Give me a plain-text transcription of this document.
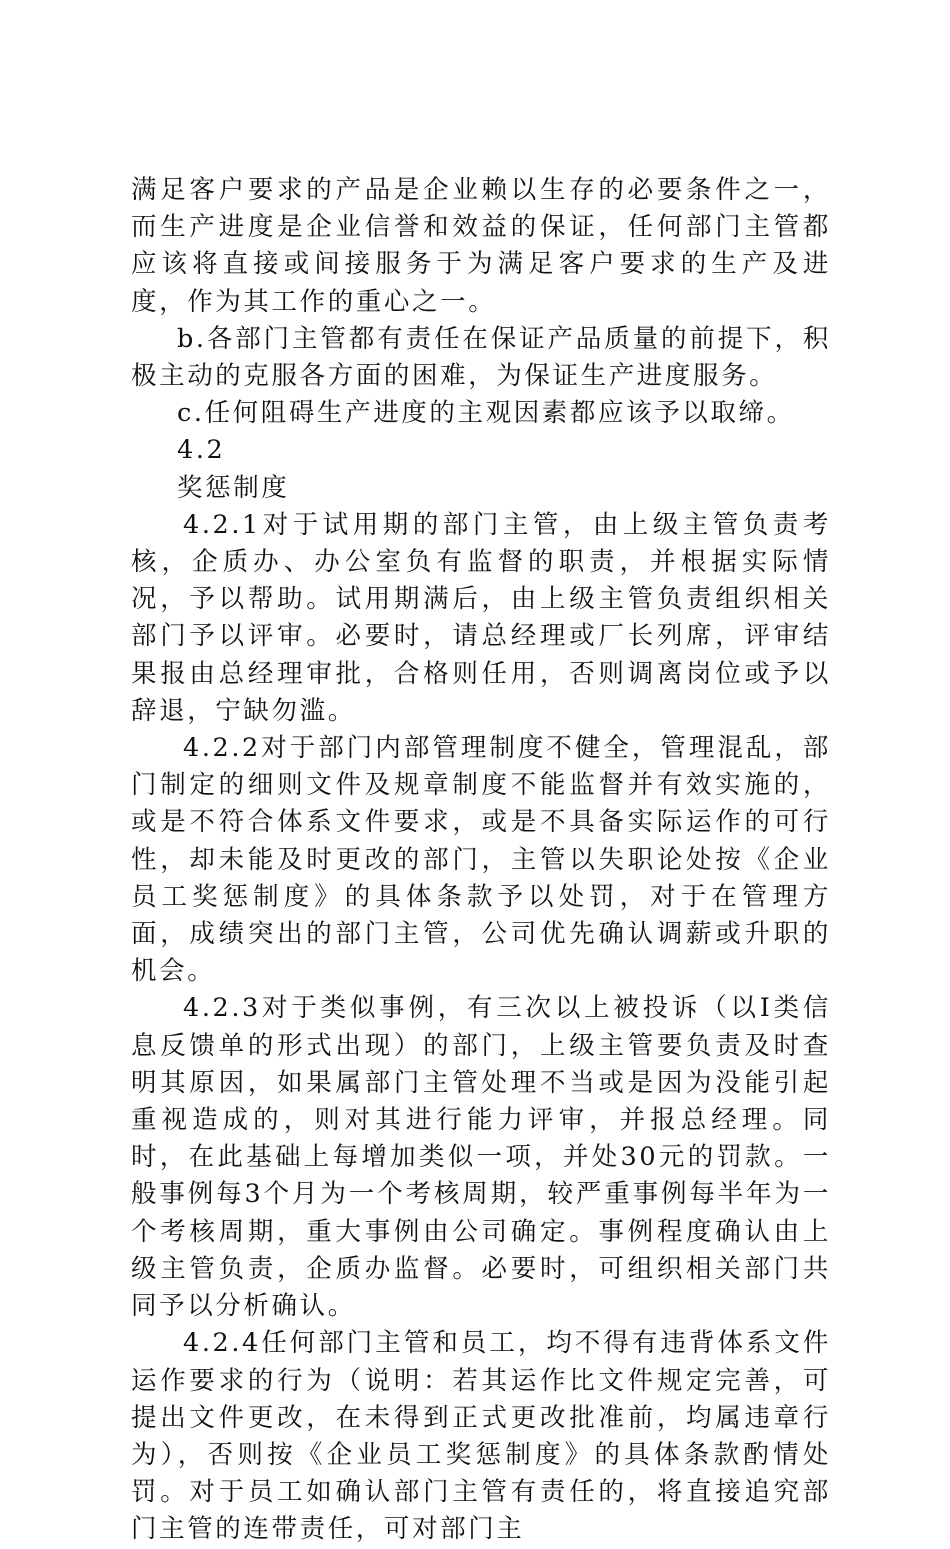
满足客户要求的产品是企业赖以生存的必要条件之一，而生产进度是企业信誉和效益的保证，任何部门主管都应该将直接或间接服务于为满足客户要求的生产及进度，作为其工作的重心之一。

b.各部门主管都有责任在保证产品质量的前提下，积极主动的克服各方面的困难，为保证生产进度服务。

c.任何阻碍生产进度的主观因素都应该予以取缔。

4.2

奖惩制度

4.2.1对于试用期的部门主管，由上级主管负责考核，企质办、办公室负有监督的职责，并根据实际情况，予以帮助。试用期满后，由上级主管负责组织相关部门予以评审。必要时，请总经理或厂长列席，评审结果报由总经理审批，合格则任用，否则调离岗位或予以辞退，宁缺勿滥。

4.2.2对于部门内部管理制度不健全，管理混乱，部门制定的细则文件及规章制度不能监督并有效实施的，或是不符合体系文件要求，或是不具备实际运作的可行性，却未能及时更改的部门，主管以失职论处按《企业员工奖惩制度》的具体条款予以处罚，对于在管理方面，成绩突出的部门主管，公司优先确认调薪或升职的机会。

4.2.3对于类似事例，有三次以上被投诉（以Ⅰ类信息反馈单的形式出现）的部门，上级主管要负责及时查明其原因，如果属部门主管处理不当或是因为没能引起重视造成的，则对其进行能力评审，并报总经理。同时，在此基础上每增加类似一项，并处30元的罚款。一般事例每3个月为一个考核周期，较严重事例每半年为一个考核周期，重大事例由公司确定。事例程度确认由上级主管负责，企质办监督。必要时，可组织相关部门共同予以分析确认。

4.2.4任何部门主管和员工，均不得有违背体系文件运作要求的行为（说明：若其运作比文件规定完善，可提出文件更改，在未得到正式更改批准前，均属违章行为），否则按《企业员工奖惩制度》的具体条款酌情处罚。对于员工如确认部门主管有责任的，将直接追究部门主管的连带责任，可对部门主
